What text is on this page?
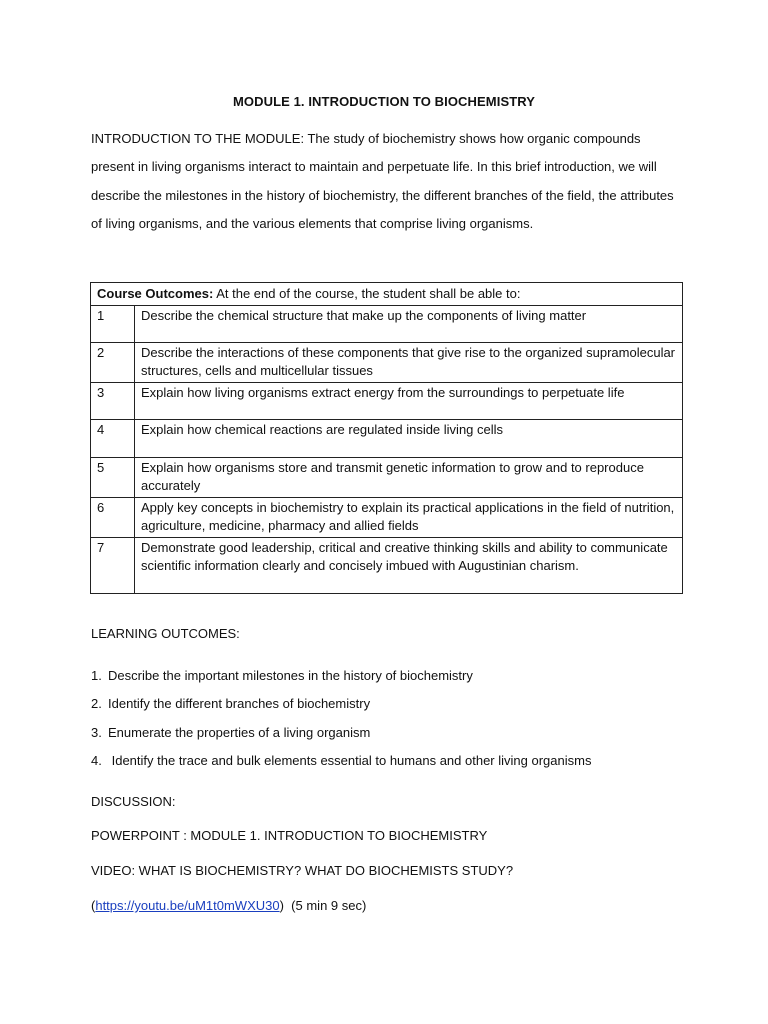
MODULE 1. INTRODUCTION TO BIOCHEMISTRY
INTRODUCTION TO THE MODULE: The study of biochemistry shows how organic compounds present in living organisms interact to maintain and perpetuate life. In this brief introduction, we will describe the milestones in the history of biochemistry, the different branches of the field, the attributes of living organisms, and the various elements that comprise living organisms.
Course Outcomes: At the end of the course, the student shall be able to:	
1	Describe the chemical structure that make up the components of living matter
2	Describe the interactions of these components that give rise to the organized supramolecular structures, cells and multicellular tissues
3	Explain how living organisms extract energy from the surroundings to perpetuate life
4	Explain how chemical reactions are regulated inside living cells
5	Explain how organisms store and transmit genetic information to grow and to reproduce accurately
6	Apply key concepts in biochemistry to explain its practical applications in the field of nutrition, agriculture, medicine, pharmacy and allied fields
7	Demonstrate good leadership, critical and creative thinking skills and ability to communicate scientific information clearly and concisely imbued with Augustinian charism.
LEARNING OUTCOMES:
1. Describe the important milestones in the history of biochemistry
2. Identify the different branches of biochemistry
3. Enumerate the properties of a living organism
4. Identify the trace and bulk elements essential to humans and other living organisms
DISCUSSION:
POWERPOINT : MODULE 1. INTRODUCTION TO BIOCHEMISTRY
VIDEO: WHAT IS BIOCHEMISTRY? WHAT DO BIOCHEMISTS STUDY?
(https://youtu.be/uM1t0mWXU30)  (5 min 9 sec)
